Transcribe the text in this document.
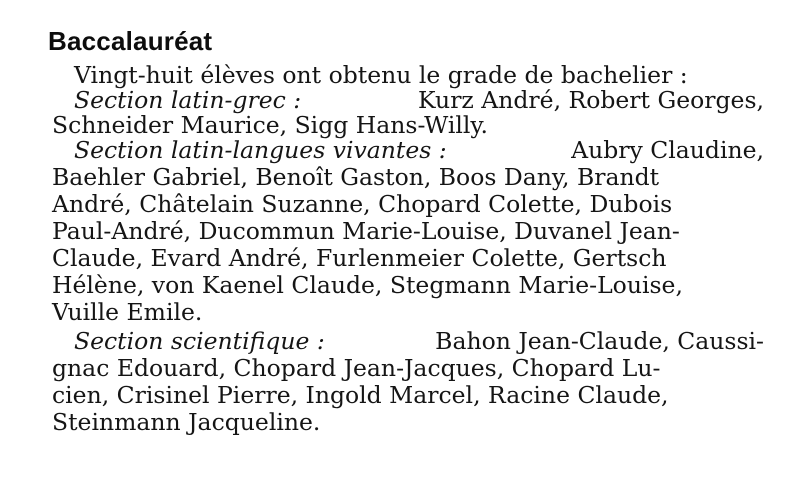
Baccalauréat
Vingt-huit élèves ont obtenu le grade de bachelier :
Section latin-grec :	Kurz André, Robert Georges,
Schneider Maurice, Sigg Hans-Willy.
Section latin-langues vivantes :	Aubry Claudine,
Baehler Gabriel, Benoît Gaston, Boos Dany, Brandt
André, Châtelain Suzanne, Chopard Colette, Dubois
Paul-André, Ducommun Marie-Louise, Duvanel Jean-
Claude, Evard André, Furlenmeier Colette, Gertsch
Hélène, von Kaenel Claude, Stegmann Marie-Louise,
Vuille Emile.
Section scientifique :	Bahon Jean-Claude, Caussi-
gnac Edouard, Chopard Jean-Jacques, Chopard Lu-
cien, Crisinel Pierre, Ingold Marcel, Racine Claude,
Steinmann Jacqueline.
